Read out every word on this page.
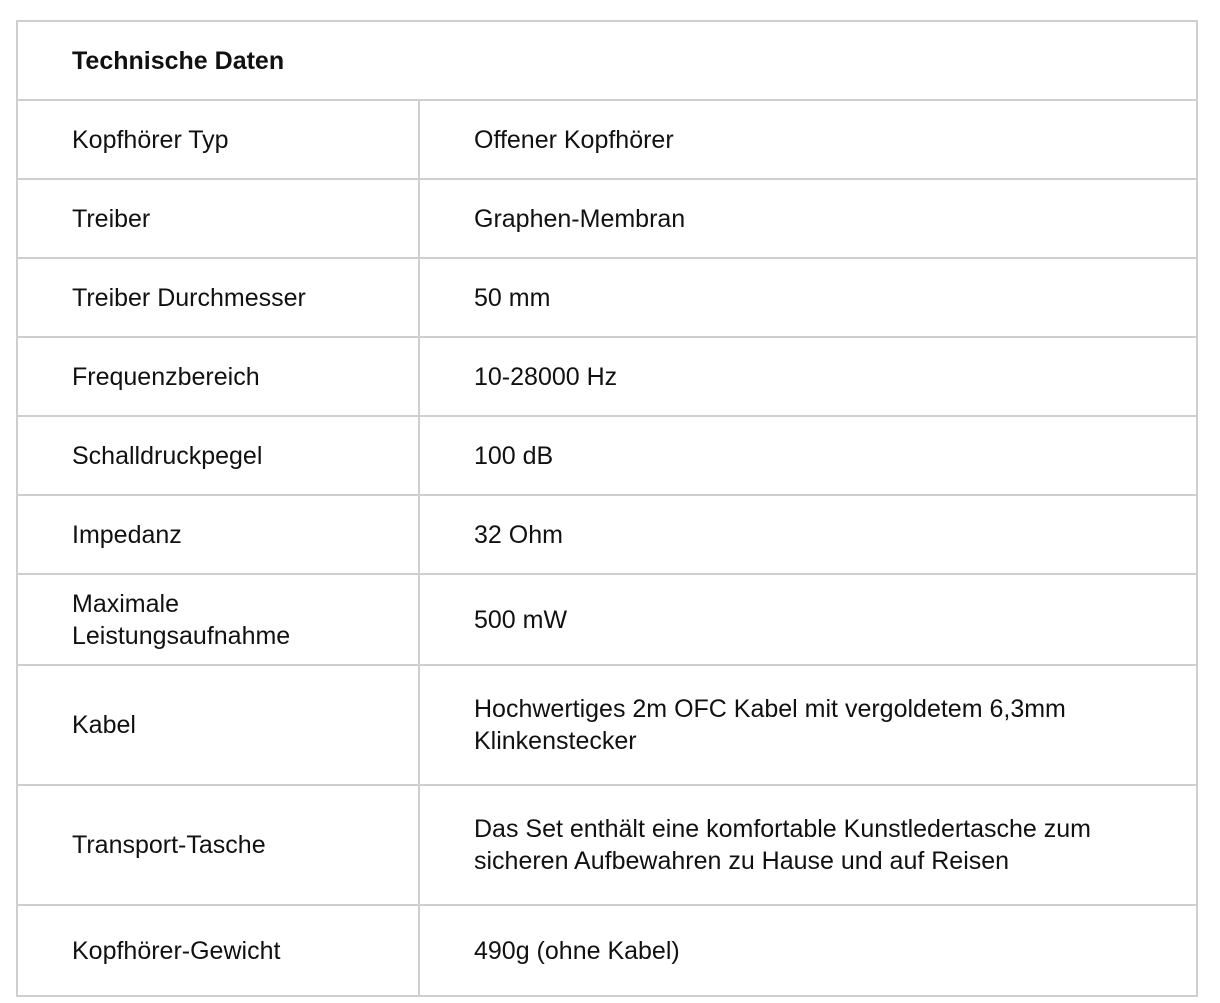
Technische Daten	
Kopfhörer Typ	Offener Kopfhörer
Treiber	Graphen-Membran
Treiber Durchmesser	50 mm
Frequenzbereich	10-28000 Hz
Schalldruckpegel	100 dB
Impedanz	32 Ohm
Maximale Leistungsaufnahme	500 mW
Kabel	Hochwertiges 2m OFC Kabel mit vergoldetem 6,3mm Klinkenstecker
Transport-Tasche	Das Set enthält eine komfortable Kunstledertasche zum sicheren Aufbewahren zu Hause und auf Reisen
Kopfhörer-Gewicht	490g (ohne Kabel)
